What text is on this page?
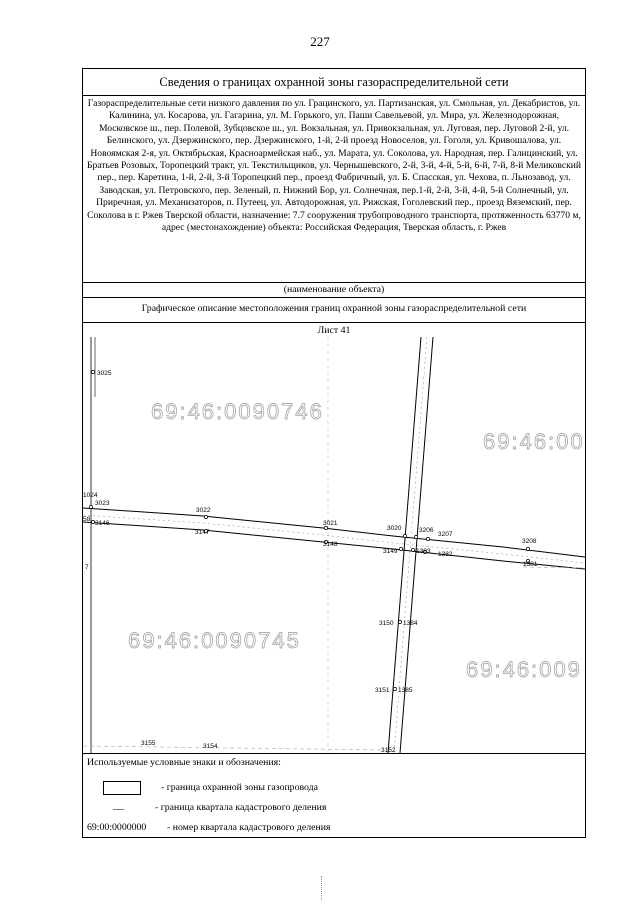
227
Сведения о границах охранной зоны газораспределительной сети
Газораспределительные сети низкого давления по ул. Грацинского, ул. Партизанская, ул. Смольная, ул. Декабристов, ул. Калинина, ул. Косарова, ул. Гагарина, ул. М. Горького, ул. Паши Савельевой, ул. Мира, ул. Железнодорожная, Московское ш., пер. Полевой, Зубцовское ш., ул. Вокзальная, ул. Привокзальная, ул. Луговая, пер. Луговой 2-й, ул. Белинского, ул. Дзержинского, пер. Дзержинского, 1-й, 2-й проезд Новоселов, ул. Гоголя, ул. Кривошалова, ул. Новоямская 2-я, ул. Октябрьская, Красноармейская наб., ул. Марата, ул. Соколова, ул. Народная, пер. Галицинский, ул. Братьев Розовых, Торопецкий тракт, ул. Текстильщиков, ул. Чернышевского, 2-й, 3-й, 4-й, 5-й, 6-й, 7-й, 8-й Меликовский пер., пер. Каретина, 1-й, 2-й, 3-й Торопецкий пер., проезд Фабричный, ул. Б. Спасская, ул. Чехова, п. Льнозавод, ул. Заводская, ул. Петровского, пер. Зеленый, п. Нижний Бор, ул. Солнечная, пер.1-й, 2-й, 3-й, 4-й, 5-й Солнечный, ул. Приречная, ул. Механизаторов, п. Путеец, ул. Автодорожная, ул. Рижская, Гоголевский пер., проезд Вяземский, пер. Соколова в г. Ржев Тверской области, назначение: 7.7 сооружения трубопроводного транспорта, протяженность 63770 м, адрес (местонахождение) объекта: Российская Федерация, Тверская область, г. Ржев
(наименование объекта)
Графическое описание местоположения границ охранной зоны газораспределительной сети
Лист 41
69:46:0090746
69:46:00
69:46:0090745
69:46:009
3025
1024
3023
3022
3021
3020	3206
3207
3208
58
3146
3147
3148
3149	1383 1382
1381
3150 1384
3151 1385
3155	3154
3152
7
Используемые условные знаки и обозначения:
- граница охранной зоны газопровода
—	- граница квартала кадастрового деления
69:00:0000000 - номер квартала кадастрового деления
